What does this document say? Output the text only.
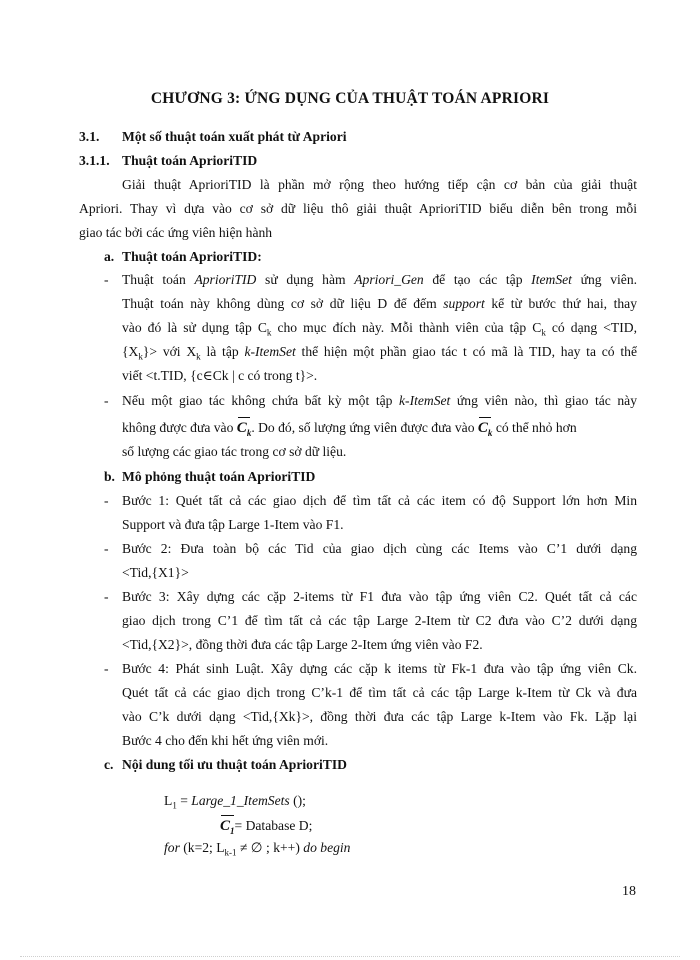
CHƯƠNG 3: ỨNG DỤNG CỦA THUẬT TOÁN APRIORI
3.1. Một số thuật toán xuất phát từ Apriori
3.1.1. Thuật toán AprioriTID
Giải thuật AprioriTID là phần mở rộng theo hướng tiếp cận cơ bản của giải thuật
Apriori. Thay vì dựa vào cơ sở dữ liệu thô giải thuật AprioriTID biểu diễn bên trong mỗi
giao tác bởi các ứng viên hiện hành
a. Thuật toán AprioriTID:
- Thuật toán AprioriTID sử dụng hàm Apriori_Gen để tạo các tập ItemSet ứng viên.
Thuật toán này không dùng cơ sở dữ liệu D để đếm support kể từ bước thứ hai, thay
vào đó là sử dụng tập $C_k$ cho mục đích này. Mỗi thành viên của tập $C_k$ có dạng <TID,
$\{X_k\}>$ với $X_k$ là tập k-ItemSet thể hiện một phần giao tác t có mã là TID, hay ta có thể
viết <t.TID, {c∈Ck | c có trong t}>.
- Nếu một giao tác không chứa bất kỳ một tập k-ItemSet ứng viên nào, thì giao tác này
không được đưa vào $C_k$. Do đó, số lượng ứng viên được đưa vào $C_k$ có thể nhỏ hơn
số lượng các giao tác trong cơ sở dữ liệu.
b. Mô phỏng thuật toán AprioriTID
- Bước 1: Quét tất cả các giao dịch để tìm tất cả các item có độ Support lớn hơn Min
Support và đưa tập Large 1-Item vào F1.
- Bước 2: Đưa toàn bộ các Tid của giao dịch cùng các Items vào C’1 dưới dạng
<Tid,{X1}>
- Bước 3: Xây dựng các cặp 2-items từ F1 đưa vào tập ứng viên C2. Quét tất cả các
giao dịch trong C’1 để tìm tất cả các tập Large 2-Item từ C2 đưa vào C’2 dưới dạng
<Tid,{X2}>, đồng thời đưa các tập Large 2-Item ứng viên vào F2.
- Bước 4: Phát sinh Luật. Xây dựng các cặp k items từ Fk-1 đưa vào tập ứng viên Ck.
Quét tất cả các giao dịch trong C’k-1 để tìm tất cả các tập Large k-Item từ Ck và đưa
vào C’k dưới dạng <Tid,{Xk}>, đồng thời đưa các tập Large k-Item vào Fk. Lặp lại
Bước 4 cho đến khi hết ứng viên mới.
c. Nội dung tối ưu thuật toán AprioriTID
$L_1$ = Large_1_ItemSets ();
$C_1=$ Database D;
for (k=2; $L_{k-1}$ ≠ ∅ ; k++) do begin
18
